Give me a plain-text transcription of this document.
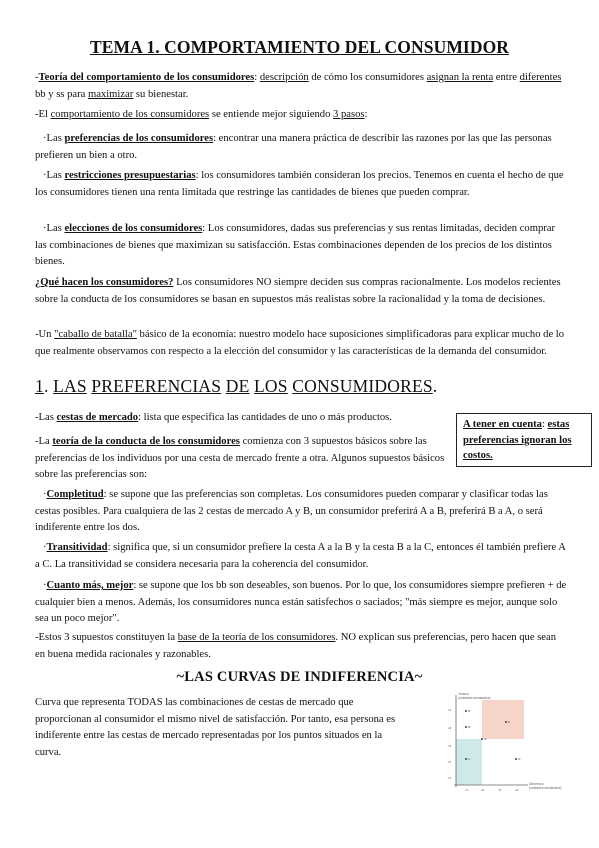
TEMA 1. COMPORTAMIENTO DEL CONSUMIDOR

-Teoría del comportamiento de los consumidores: descripción de cómo los consumidores asignan la renta entre diferentes bb y ss para maximizar su bienestar.

-El comportamiento de los consumidores se entiende mejor siguiendo 3 pasos:

·Las preferencias de los consumidores: encontrar una manera práctica de describir las razones por las que las personas prefieren un bien a otro.

·Las restricciones presupuestarias: los consumidores también consideran los precios. Tenemos en cuenta el hecho de que los consumidores tienen una renta limitada que restringe las cantidades de bienes que pueden comprar.

·Las elecciones de los consumidores: Los consumidores, dadas sus preferencias y sus rentas limitadas, deciden comprar las combinaciones de bienes que maximizan su satisfacción. Estas combinaciones dependen de los precios de los distintos bienes.

¿Qué hacen los consumidores? Los consumidores NO siempre deciden sus compras racionalmente. Los modelos recientes sobre la conducta de los consumidores se basan en supuestos más realistas sobre la racionalidad y la toma de decisiones.

-Un "caballo de batalla" básico de la economía: nuestro modelo hace suposiciones simplificadoras para explicar mucho de lo que realmente observamos con respecto a la elección del consumidor y las características de la demanda del consumidor.

1. LAS PREFERENCIAS DE LOS CONSUMIDORES.
A tener en cuenta: estas preferencias ignoran los costos.

-Las cestas de mercado: lista que especifica las cantidades de uno o más productos.

-La teoría de la conducta de los consumidores comienza con 3 supuestos básicos sobre las preferencias de los individuos por una cesta de mercado frente a otra. Algunos supuestos básicos sobre las preferencias son:

·Completitud: se supone que las preferencias son completas. Los consumidores pueden comparar y clasificar todas las cestas posibles. Para cualquiera de las 2 cestas de mercado A y B, un consumidor preferirá A a B, preferirá B a A, o será indiferente entre los dos.

·Transitividad: significa que, si un consumidor prefiere la cesta A a la B y la cesta B a la C, entonces él también prefiere A a C. La transitividad se considera necesaria para la coherencia del consumidor.

·Cuanto más, mejor: se supone que los bb son deseables, son buenos. Por lo que, los consumidores siempre prefieren + de cualquier bien a menos. Además, los consumidores nunca están satisfechos o saciados; "más siempre es mejor, aunque solo sea un poco mejor".

-Estos 3 supuestos constituyen la base de la teoría de los consumidores. NO explican sus preferencias, pero hacen que sean en buena medida racionales y razonables.

~LAS CURVAS DE INDIFERENCIA~

Curva que representa TODAS las combinaciones de cestas de mercado que proporcionan al consumidor el mismo nivel de satisfacción. Por tanto, esa persona es indiferente entre las cestas de mercado representadas por los puntos situados en la curva.

Vestido
(unidades semanales)
Alimentos
(unidades semanales)
50
40
30
20
10
10	20	30	40
B
H
E
A
G	D
